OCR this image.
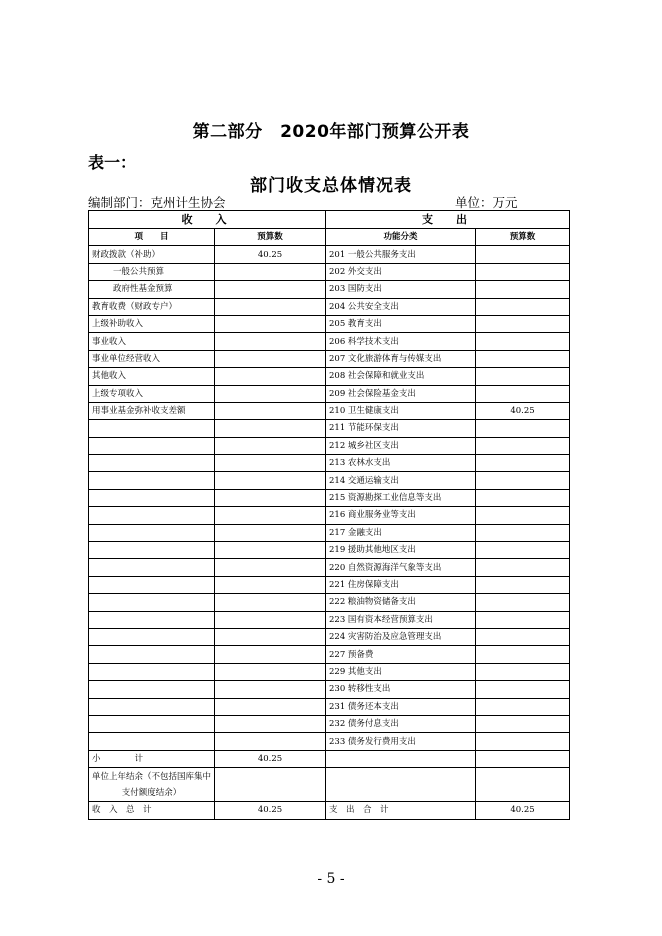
第二部分　2020年部门预算公开表
表一：
部门收支总体情况表
编制部门：克州计生协会	单位：万元
收　入		支　出	
项　　目	预算数	功能分类	预算数
财政拨款（补助）	40.25	201 一般公共服务支出	
一般公共预算		202 外交支出	
政府性基金预算		203 国防支出	
教育收费（财政专户）		204 公共安全支出	
上级补助收入		205 教育支出	
事业收入		206 科学技术支出	
事业单位经营收入		207 文化旅游体育与传媒支出	
其他收入		208 社会保障和就业支出	
上级专项收入		209 社会保险基金支出	
用事业基金弥补收支差额		210 卫生健康支出	40.25
		211 节能环保支出	
		212 城乡社区支出	
		213 农林水支出	
		214 交通运输支出	
		215 资源勘探工业信息等支出	
		216 商业服务业等支出	
		217 金融支出	
		219 援助其他地区支出	
		220 自然资源海洋气象等支出	
		221 住房保障支出	
		222 粮油物资储备支出	
		223 国有资本经营预算支出	
		224 灾害防治及应急管理支出	
		227 预备费	
		229 其他支出	
		230 转移性支出	
		231 债务还本支出	
		232 债务付息支出	
		233 债务发行费用支出	
小　　　　计	40.25		
单位上年结余（不包括国库集中支付额度结余）			
收　入　总　计	40.25	支　出　合　计	40.25
- 5 -
